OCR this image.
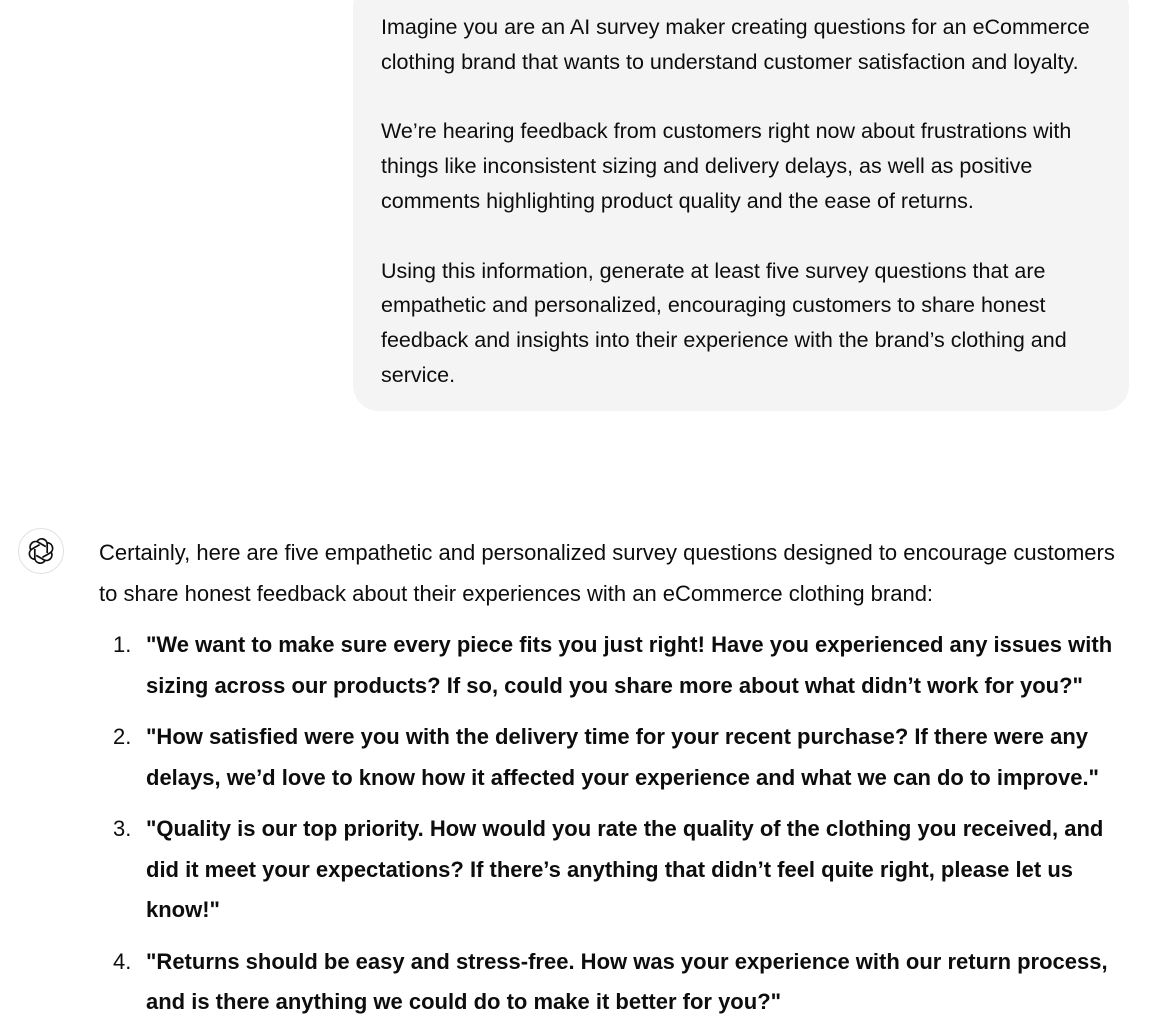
Imagine you are an AI survey maker creating questions for an eCommerce clothing brand that wants to understand customer satisfaction and loyalty.

We’re hearing feedback from customers right now about frustrations with things like inconsistent sizing and delivery delays, as well as positive comments highlighting product quality and the ease of returns.

Using this information, generate at least five survey questions that are empathetic and personalized, encouraging customers to share honest feedback and insights into their experience with the brand’s clothing and service.

Certainly, here are five empathetic and personalized survey questions designed to encourage customers to share honest feedback about their experiences with an eCommerce clothing brand:

1. "We want to make sure every piece fits you just right! Have you experienced any issues with sizing across our products? If so, could you share more about what didn’t work for you?"
2. "How satisfied were you with the delivery time for your recent purchase? If there were any delays, we’d love to know how it affected your experience and what we can do to improve."
3. "Quality is our top priority. How would you rate the quality of the clothing you received, and did it meet your expectations? If there’s anything that didn’t feel quite right, please let us know!"
4. "Returns should be easy and stress-free. How was your experience with our return process, and is there anything we could do to make it better for you?"
